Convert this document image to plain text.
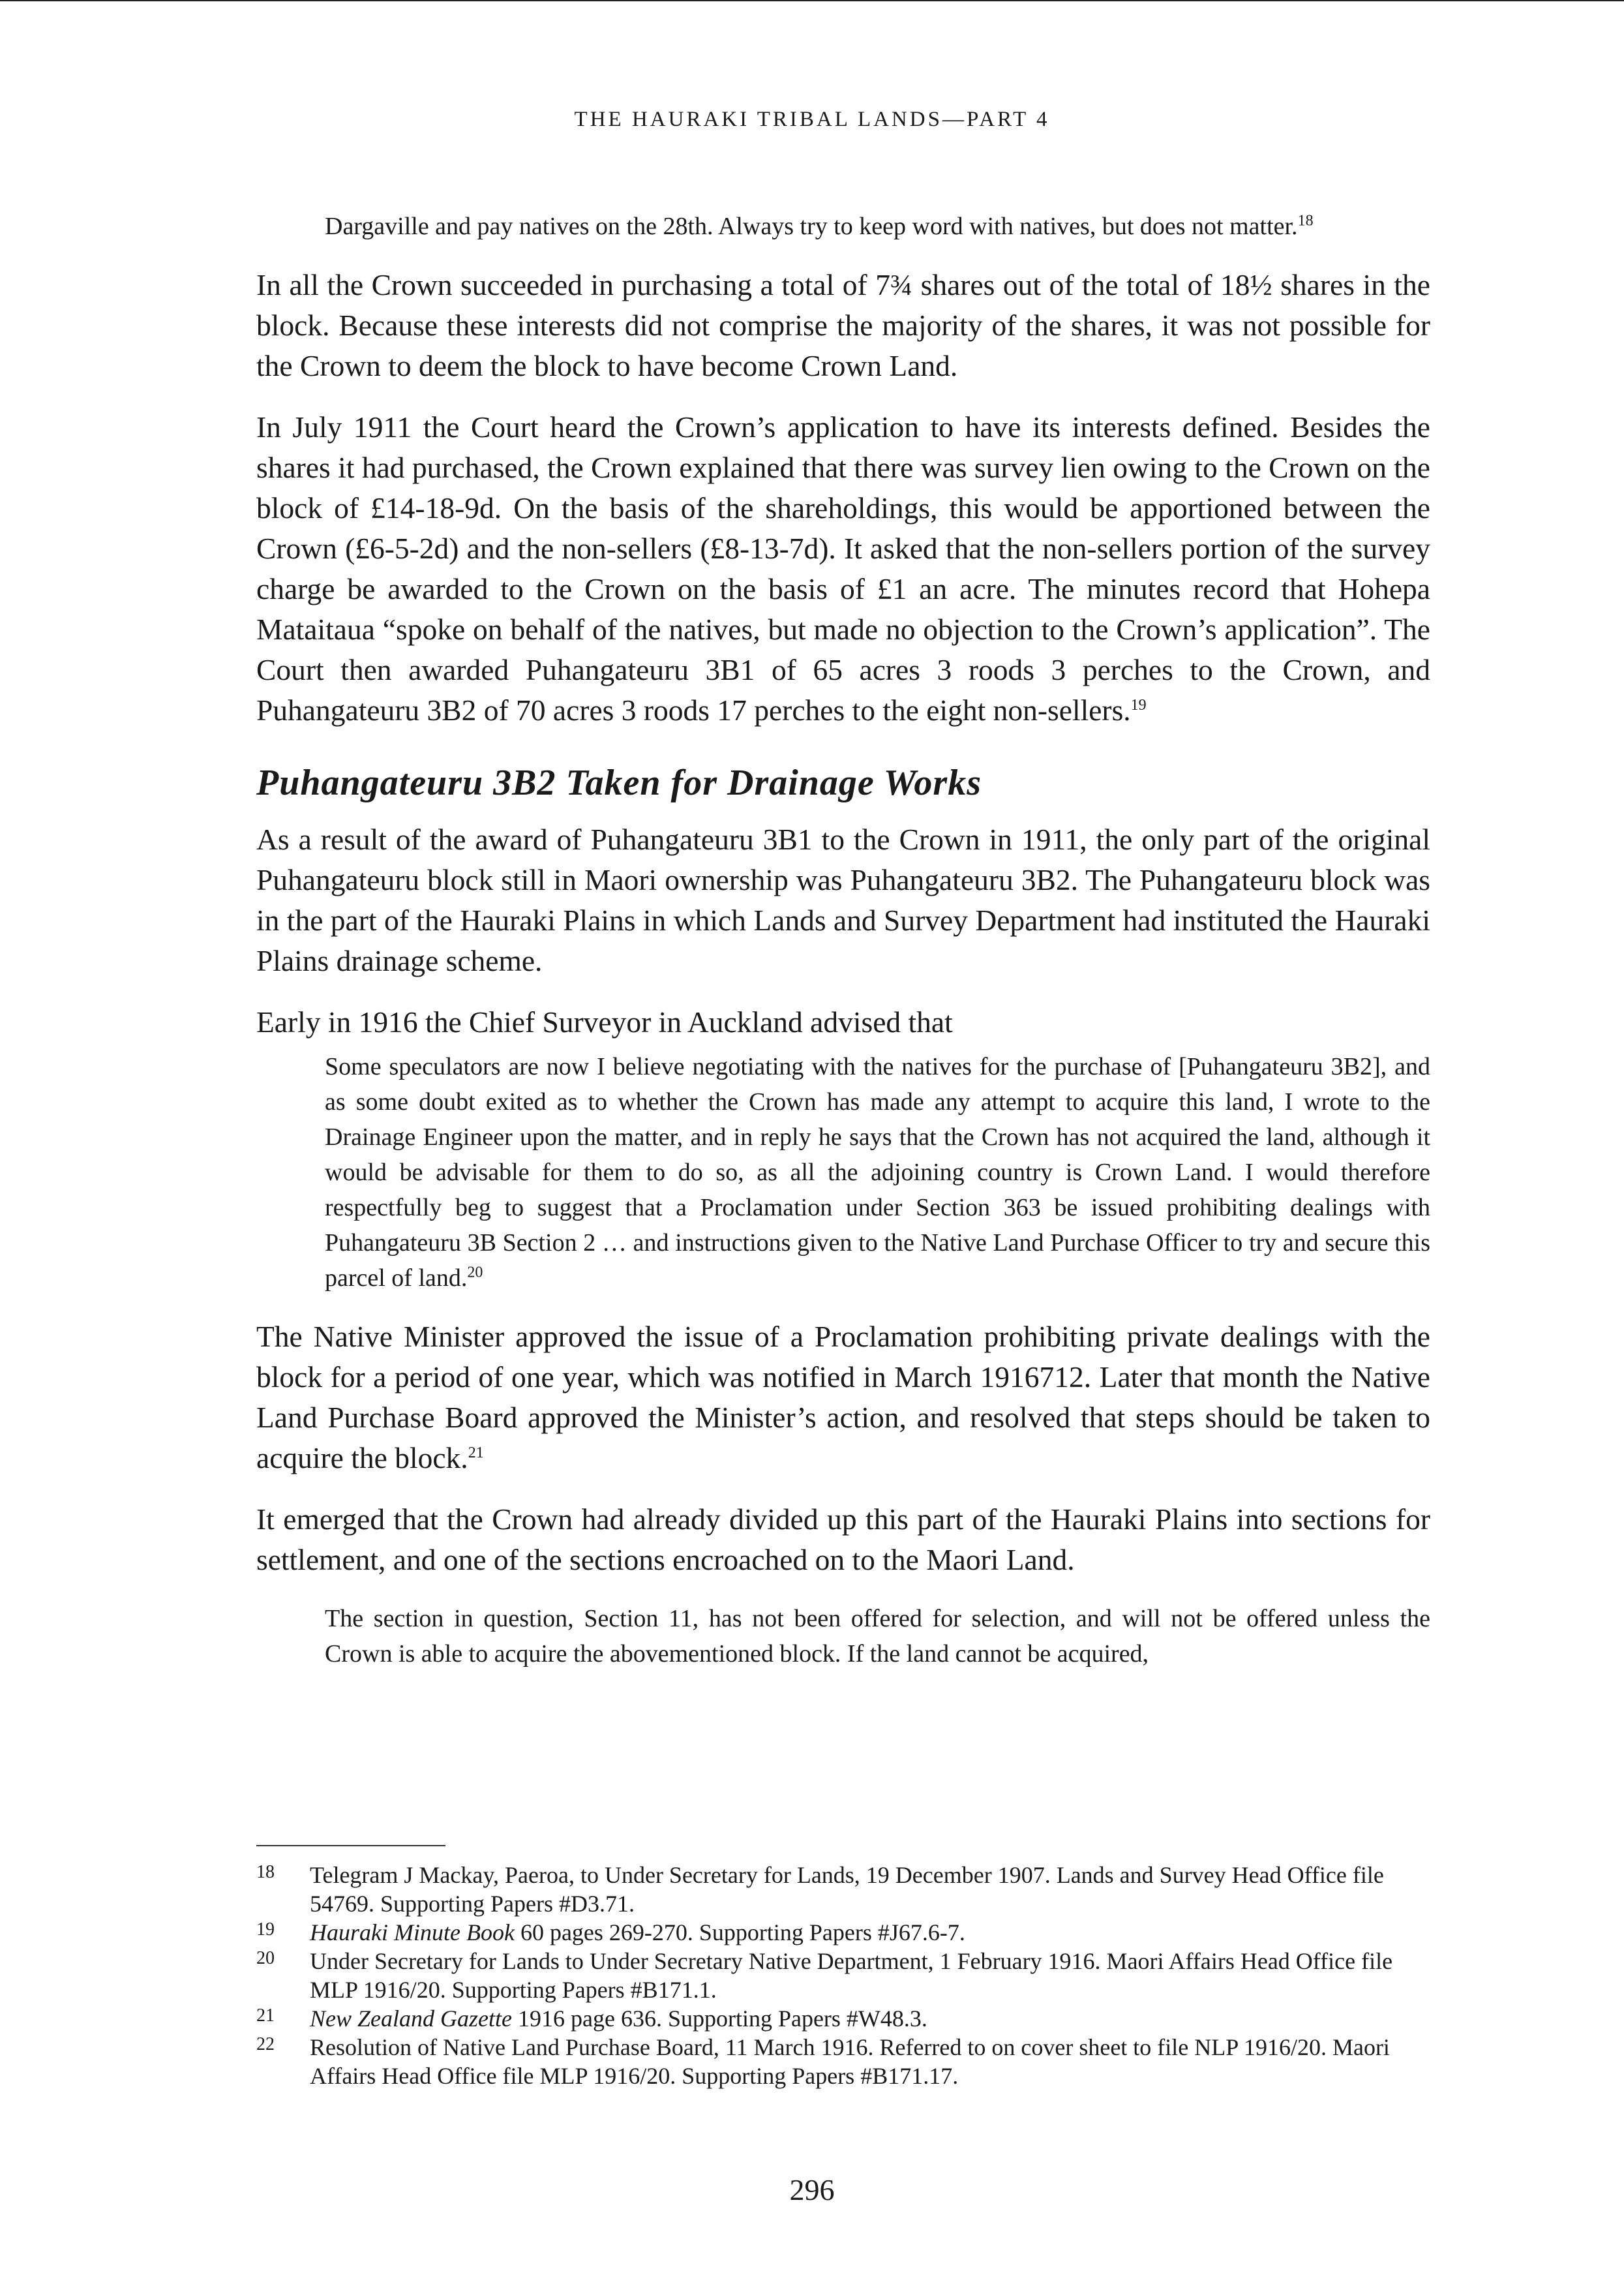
THE HAURAKI TRIBAL LANDS—PART 4

Dargaville and pay natives on the 28th. Always try to keep word with natives, but does not matter.$^{18}$

In all the Crown succeeded in purchasing a total of 7¾ shares out of the total of 18½ shares in the block. Because these interests did not comprise the majority of the shares, it was not possible for the Crown to deem the block to have become Crown Land.

In July 1911 the Court heard the Crown’s application to have its interests defined. Besides the shares it had purchased, the Crown explained that there was survey lien owing to the Crown on the block of £14-18-9d. On the basis of the shareholdings, this would be apportioned between the Crown (£6-5-2d) and the non-sellers (£8-13-7d). It asked that the non-sellers portion of the survey charge be awarded to the Crown on the basis of £1 an acre. The minutes record that Hohepa Mataitaua “spoke on behalf of the natives, but made no objection to the Crown’s application”. The Court then awarded Puhangateuru 3B1 of 65 acres 3 roods 3 perches to the Crown, and Puhangateuru 3B2 of 70 acres 3 roods 17 perches to the eight non-sellers.$^{19}$

Puhangateuru 3B2 Taken for Drainage Works

As a result of the award of Puhangateuru 3B1 to the Crown in 1911, the only part of the original Puhangateuru block still in Maori ownership was Puhangateuru 3B2. The Puhangateuru block was in the part of the Hauraki Plains in which Lands and Survey Department had instituted the Hauraki Plains drainage scheme.

Early in 1916 the Chief Surveyor in Auckland advised that

Some speculators are now I believe negotiating with the natives for the purchase of [Puhangateuru 3B2], and as some doubt exited as to whether the Crown has made any attempt to acquire this land, I wrote to the Drainage Engineer upon the matter, and in reply he says that the Crown has not acquired the land, although it would be advisable for them to do so, as all the adjoining country is Crown Land. I would therefore respectfully beg to suggest that a Proclamation under Section 363 be issued prohibiting dealings with Puhangateuru 3B Section 2 … and instructions given to the Native Land Purchase Officer to try and secure this parcel of land.$^{20}$

The Native Minister approved the issue of a Proclamation prohibiting private dealings with the block for a period of one year, which was notified in March 1916712. Later that month the Native Land Purchase Board approved the Minister’s action, and resolved that steps should be taken to acquire the block.$^{21}$

It emerged that the Crown had already divided up this part of the Hauraki Plains into sections for settlement, and one of the sections encroached on to the Maori Land.

The section in question, Section 11, has not been offered for selection, and will not be offered unless the Crown is able to acquire the abovementioned block. If the land cannot be acquired,

18	Telegram J Mackay, Paeroa, to Under Secretary for Lands, 19 December 1907. Lands and Survey Head Office file 54769. Supporting Papers #D3.71.
19	Hauraki Minute Book 60 pages 269-270. Supporting Papers #J67.6-7.
20	Under Secretary for Lands to Under Secretary Native Department, 1 February 1916. Maori Affairs Head Office file MLP 1916/20. Supporting Papers #B171.1.
21	New Zealand Gazette 1916 page 636. Supporting Papers #W48.3.
22	Resolution of Native Land Purchase Board, 11 March 1916. Referred to on cover sheet to file NLP 1916/20. Maori Affairs Head Office file MLP 1916/20. Supporting Papers #B171.17.
296
